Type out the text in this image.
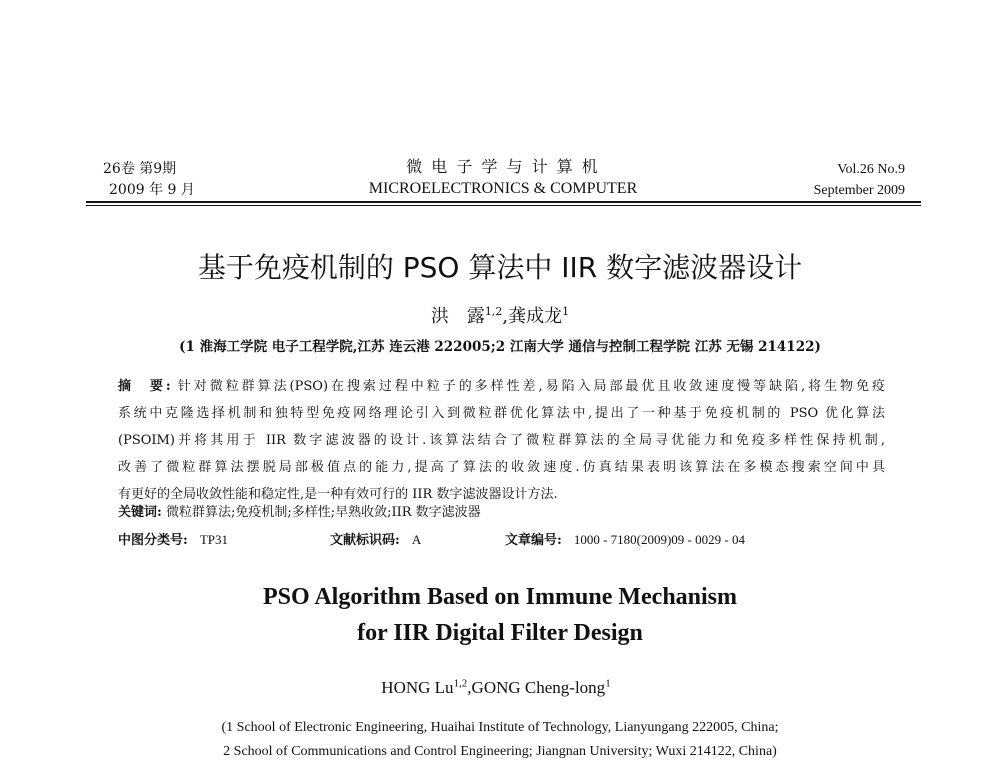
26卷 第9期
2009 年 9 月
微 电 子 学 与 计 算 机
MICROELECTRONICS & COMPUTER
Vol.26 No.9
September 2009
基于免疫机制的 PSO 算法中 IIR 数字滤波器设计
洪　露$^{1,2}$,龚成龙$^1$
(1 淮海工学院 电子工程学院,江苏 连云港 222005;2 江南大学 通信与控制工程学院 江苏 无锡 214122)
摘　要: 针对微粒群算法(PSO)在搜索过程中粒子的多样性差,易陷入局部最优且收敛速度慢等缺陷,将生物免疫
系统中克隆选择机制和独特型免疫网络理论引入到微粒群优化算法中,提出了一种基于免疫机制的 PSO 优化算法
(PSOIM)并将其用于 IIR 数字滤波器的设计.该算法结合了微粒群算法的全局寻优能力和免疫多样性保持机制,
改善了微粒群算法摆脱局部极值点的能力,提高了算法的收敛速度.仿真结果表明该算法在多模态搜索空间中具
有更好的全局收敛性能和稳定性,是一种有效可行的 IIR 数字滤波器设计方法.
关键词: 微粒群算法;免疫机制;多样性;早熟收敛;IIR 数字滤波器
中图分类号: TP31	文献标识码: A	文章编号: 1000 - 7180(2009)09 - 0029 - 04
PSO Algorithm Based on Immune Mechanism
for IIR Digital Filter Design
HONG Lu$^{1,2}$,GONG Cheng-long$^1$
(1 School of Electronic Engineering, Huaihai Institute of Technology, Lianyungang 222005, China;
2 School of Communications and Control Engineering; Jiangnan University; Wuxi 214122, China)
